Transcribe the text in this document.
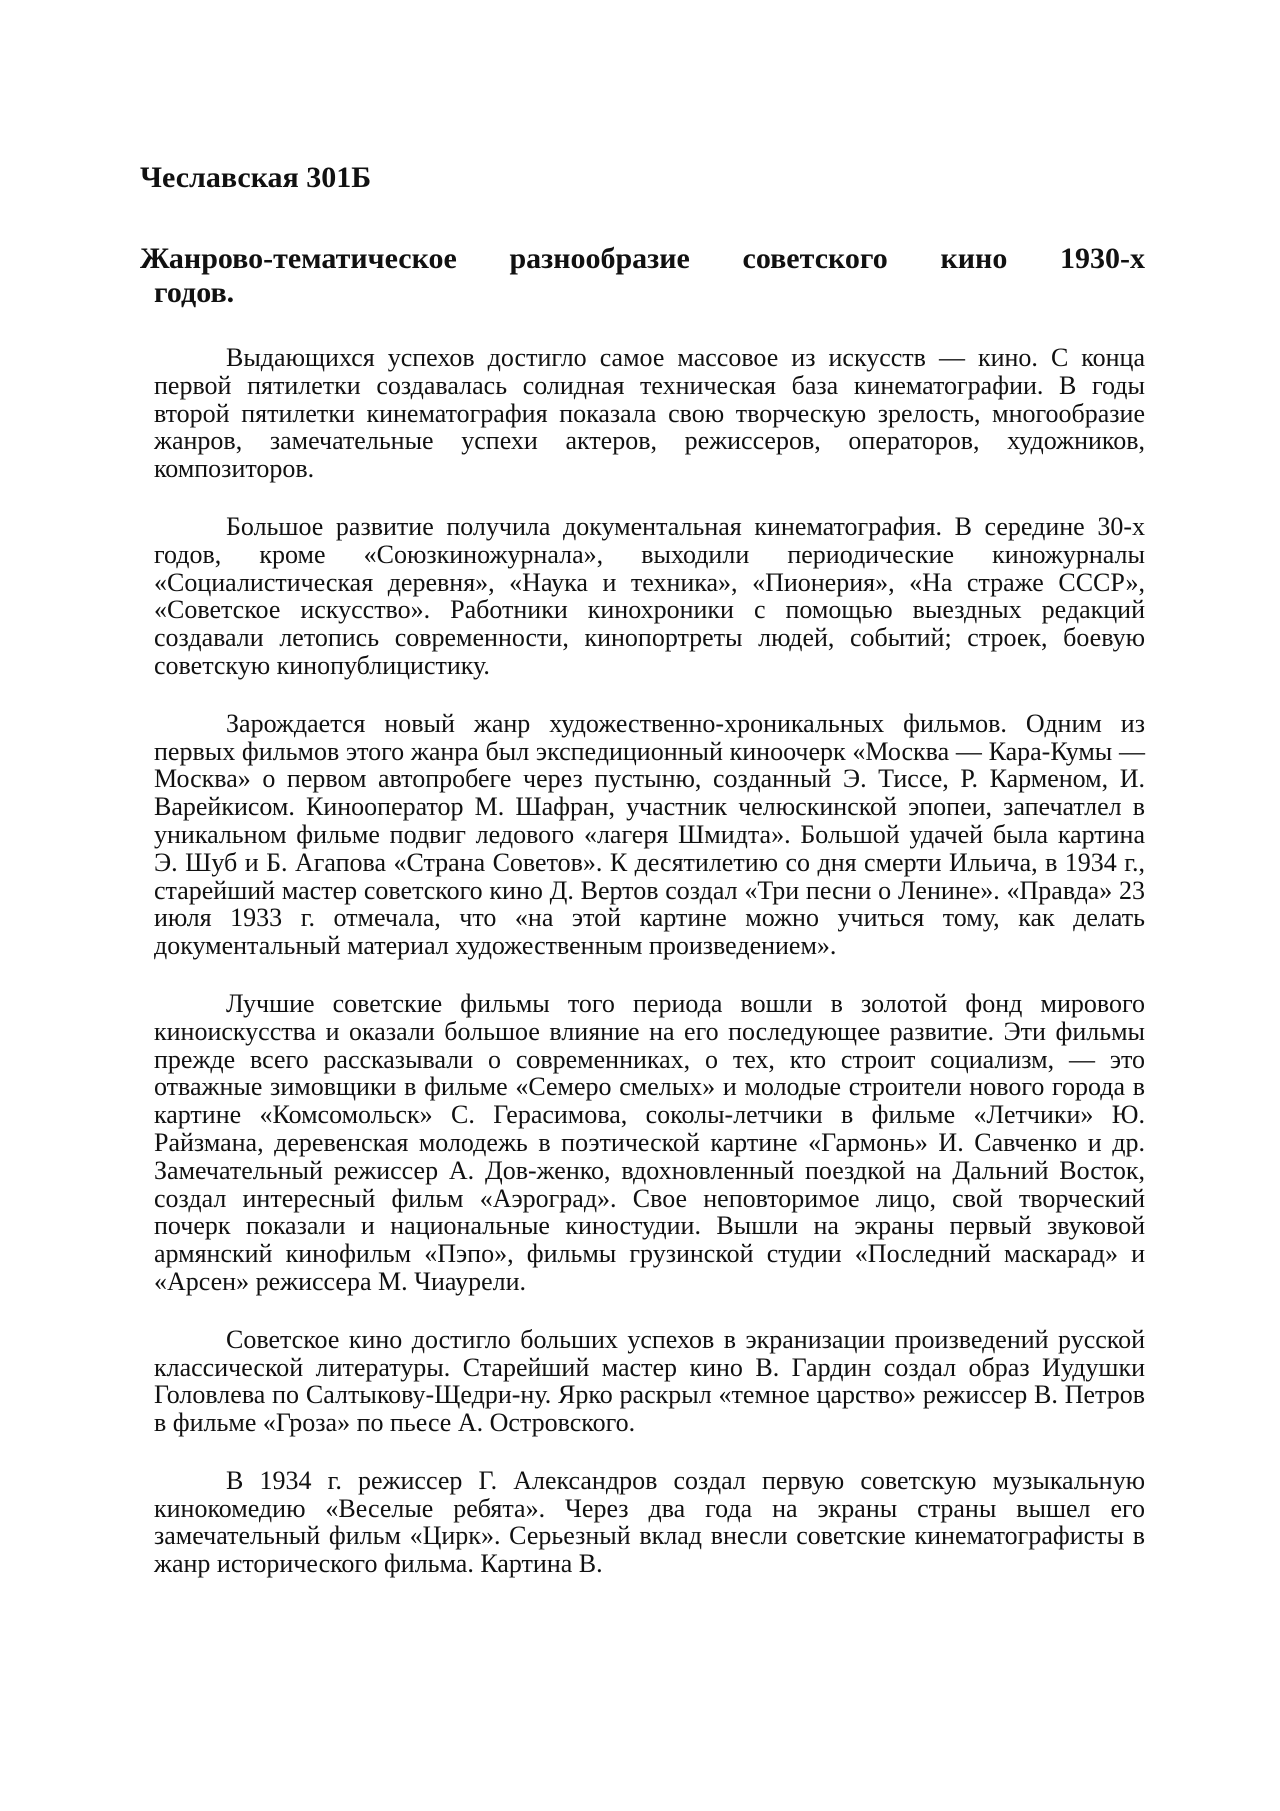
Чеславская 301Б
Жанрово-тематическое разнообразие советского кино 1930-х
годов.

Выдающихся успехов достигло самое массовое из искусств — кино. С конца первой пятилетки создавалась солидная техническая база кинематографии. В годы второй пятилетки кинематография показала свою творческую зрелость, многообразие жанров, замечательные успехи актеров, режиссеров, операторов, художников, композиторов.

Большое развитие получила документальная кинематография. В середине 30-х годов, кроме «Союзкиножурнала», выходили периодические киножурналы «Социалистическая деревня», «Наука и техника», «Пионерия», «На страже СССР», «Советское искусство». Работники кинохроники с помощью выездных редакций создавали летопись современности, кинопортреты людей, событий; строек, боевую советскую кинопублицистику.

Зарождается новый жанр художественно-хроникальных фильмов. Одним из первых фильмов этого жанра был экспедиционный киноочерк «Москва — Кара-Кумы — Москва» о первом автопробеге через пустыню, созданный Э. Тиссе, Р. Карменом, И. Варейкисом. Кинооператор М. Шафран, участник челюскинской эпопеи, запечатлел в уникальном фильме подвиг ледового «лагеря Шмидта». Большой удачей была картина Э. Шуб и Б. Агапова «Страна Советов». К десятилетию со дня смерти Ильича, в 1934 г., старейший мастер советского кино Д. Вертов создал «Три песни о Ленине». «Правда» 23 июля 1933 г. отмечала, что «на этой картине можно учиться тому, как делать документальный материал художественным произведением».

Лучшие советские фильмы того периода вошли в золотой фонд мирового киноискусства и оказали большое влияние на его последующее развитие. Эти фильмы прежде всего рассказывали о современниках, о тех, кто строит социализм, — это отважные зимовщики в фильме «Семеро смелых» и молодые строители нового города в картине «Комсомольск» С. Герасимова, соколы-летчики в фильме «Летчики» Ю. Райзмана, деревенская молодежь в поэтической картине «Гармонь» И. Савченко и др. Замечательный режиссер А. Дов-женко, вдохновленный поездкой на Дальний Восток, создал интересный фильм «Аэроград». Свое неповторимое лицо, свой творческий почерк показали и национальные киностудии. Вышли на экраны первый звуковой армянский кинофильм «Пэпо», фильмы грузинской студии «Последний маскарад» и «Арсен» режиссера М. Чиаурели.

Советское кино достигло больших успехов в экранизации произведений русской классической литературы. Старейший мастер кино В. Гардин создал образ Иудушки Головлева по Салтыкову-Щедри-ну. Ярко раскрыл «темное царство» режиссер В. Петров в фильме «Гроза» по пьесе А. Островского.

В 1934 г. режиссер Г. Александров создал первую советскую музыкальную кинокомедию «Веселые ребята». Через два года на экраны страны вышел его замечательный фильм «Цирк». Серьезный вклад внесли советские кинематографисты в жанр исторического фильма. Картина В.
